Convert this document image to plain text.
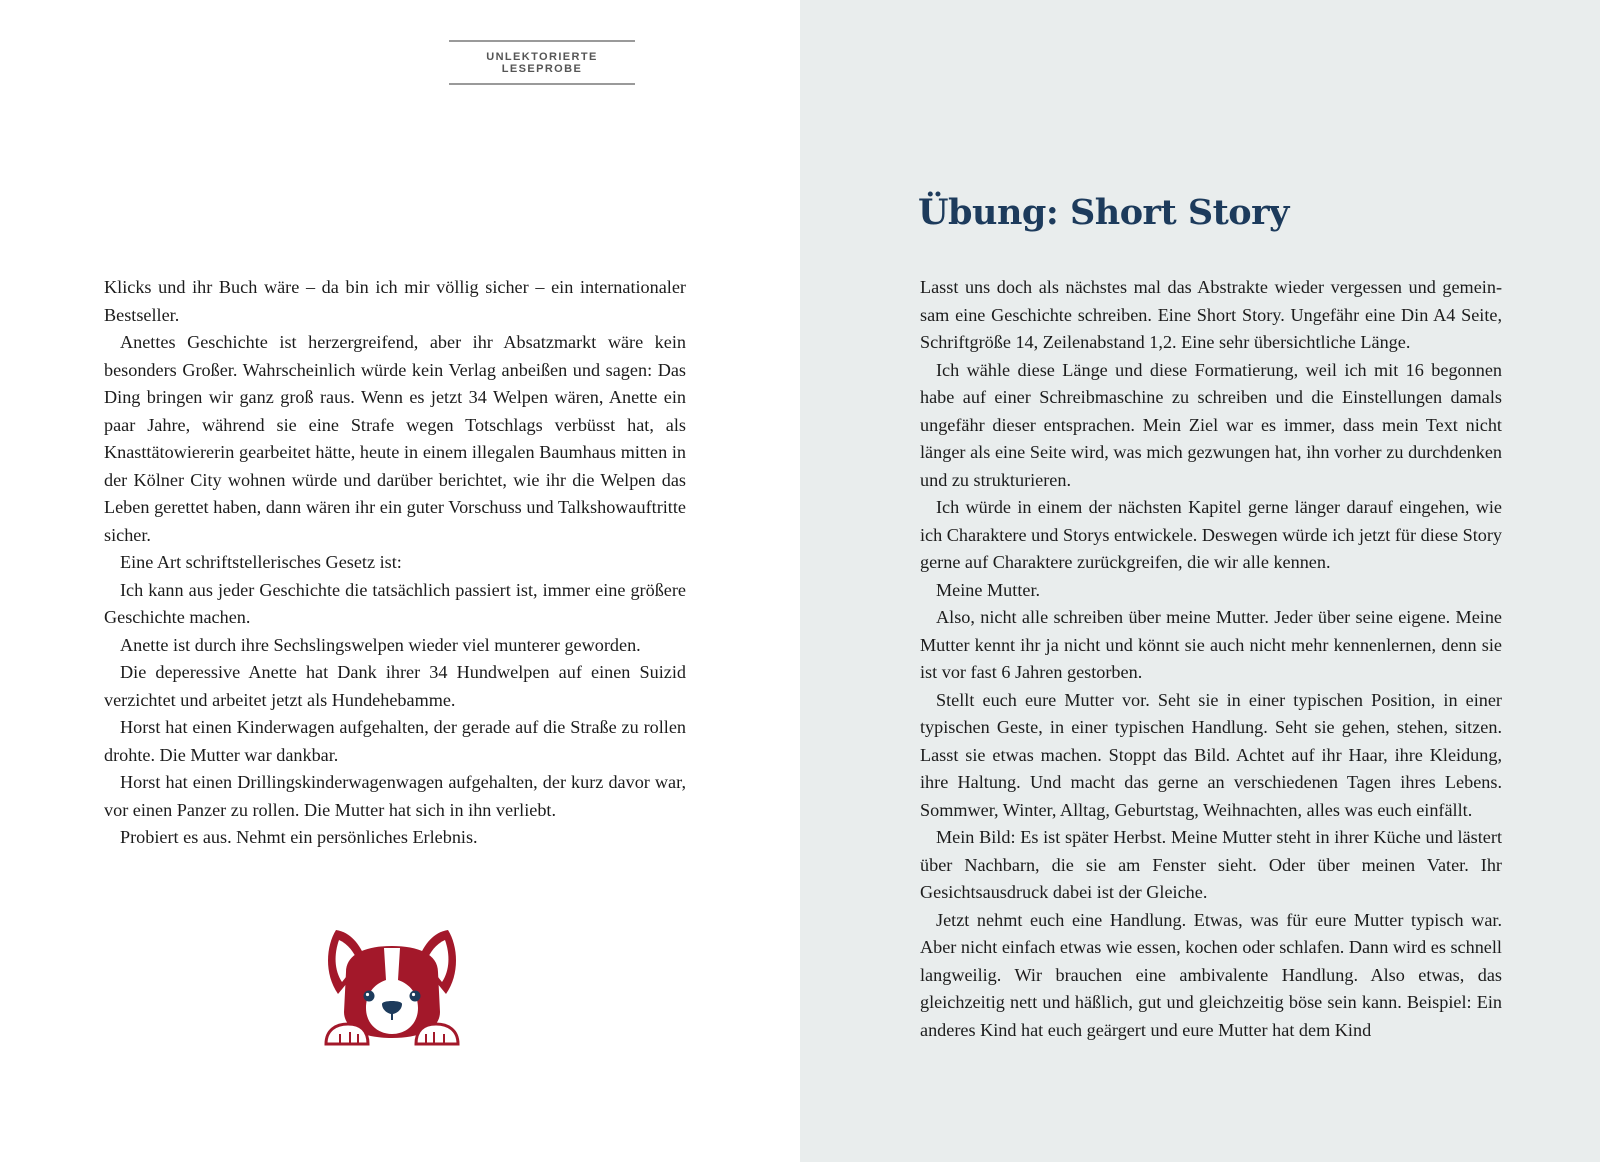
UNLEKTORIERTE LESEPROBE

Klicks und ihr Buch wäre – da bin ich mir völlig sicher – ein internationaler Bestseller.

Anettes Geschichte ist herzergreifend, aber ihr Absatzmarkt wäre kein besonders Großer. Wahrscheinlich würde kein Verlag anbeißen und sagen: Das Ding bringen wir ganz groß raus. Wenn es jetzt 34 Welpen wären, Anette ein paar Jahre, während sie eine Strafe wegen Totschlags verbüsst hat, als Knasttätowiererin gearbeitet hätte, heute in einem illegalen Baumhaus mitten in der Kölner City wohnen würde und darüber berichtet, wie ihr die Welpen das Leben gerettet haben, dann wären ihr ein guter Vorschuss und Talkshowauftritte sicher.

Eine Art schriftstellerisches Gesetz ist:

Ich kann aus jeder Geschichte die tatsächlich passiert ist, immer eine größere Geschichte machen.

Anette ist durch ihre Sechslingswelpen wieder viel munterer geworden.

Die deperessive Anette hat Dank ihrer 34 Hundwelpen auf einen Suizid verzichtet und arbeitet jetzt als Hundehebamme.

Horst hat einen Kinderwagen aufgehalten, der gerade auf die Straße zu rollen drohte. Die Mutter war dankbar.

Horst hat einen Drillingskinderwagenwagen aufgehalten, der kurz davor war, vor einen Panzer zu rollen. Die Mutter hat sich in ihn verliebt.

Probiert es aus. Nehmt ein persönliches Erlebnis.

Übung: Short Story

Lasst uns doch als nächstes mal das Abstrakte wieder vergessen und gemeinsam eine Geschichte schreiben. Eine Short Story. Ungefähr eine Din A4 Seite, Schriftgröße 14, Zeilenabstand 1,2. Eine sehr übersichtliche Länge.

Ich wähle diese Länge und diese Formatierung, weil ich mit 16 begonnen habe auf einer Schreibmaschine zu schreiben und die Einstellungen damals ungefähr dieser entsprachen. Mein Ziel war es immer, dass mein Text nicht länger als eine Seite wird, was mich gezwungen hat, ihn vorher zu durchdenken und zu strukturieren.

Ich würde in einem der nächsten Kapitel gerne länger darauf eingehen, wie ich Charaktere und Storys entwickele. Deswegen würde ich jetzt für diese Story gerne auf Charaktere zurückgreifen, die wir alle kennen.

Meine Mutter.

Also, nicht alle schreiben über meine Mutter. Jeder über seine eigene. Meine Mutter kennt ihr ja nicht und könnt sie auch nicht mehr kennenlernen, denn sie ist vor fast 6 Jahren gestorben.

Stellt euch eure Mutter vor. Seht sie in einer typischen Position, in einer typischen Geste, in einer typischen Handlung. Seht sie gehen, stehen, sitzen. Lasst sie etwas machen. Stoppt das Bild. Achtet auf ihr Haar, ihre Kleidung, ihre Haltung. Und macht das gerne an verschiedenen Tagen ihres Lebens. Sommwer, Winter, Alltag, Geburtstag, Weihnachten, alles was euch einfällt.

Mein Bild: Es ist später Herbst. Meine Mutter steht in ihrer Küche und lästert über Nachbarn, die sie am Fenster sieht. Oder über meinen Vater. Ihr Gesichtsausdruck dabei ist der Gleiche.

Jetzt nehmt euch eine Handlung. Etwas, was für eure Mutter typisch war. Aber nicht einfach etwas wie essen, kochen oder schlafen. Dann wird es schnell langweilig. Wir brauchen eine ambivalente Handlung. Also etwas, das gleichzeitig nett und häßlich, gut und gleichzeitig böse sein kann. Beispiel: Ein anderes Kind hat euch geärgert und eure Mutter hat dem Kind
